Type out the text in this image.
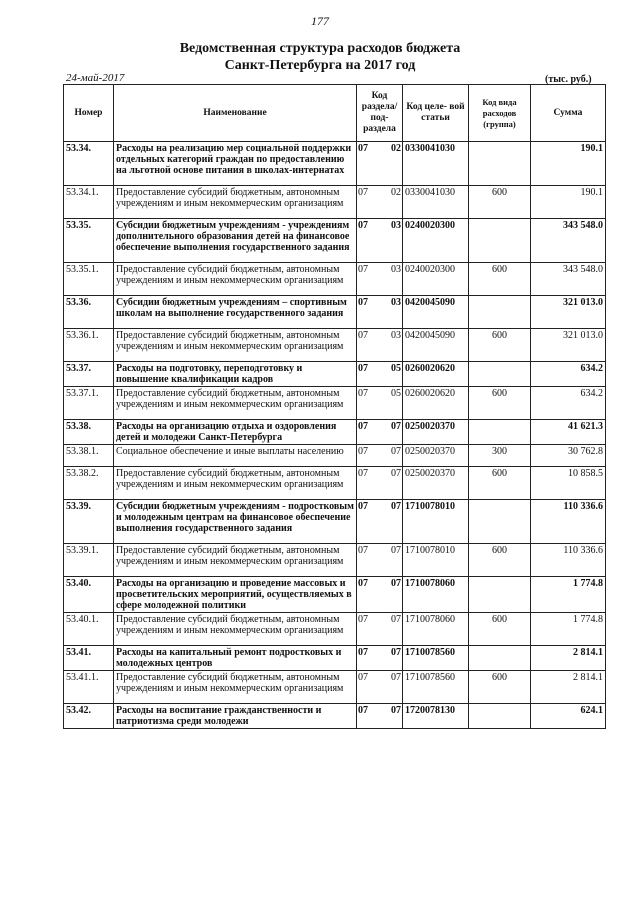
177
Ведомственная структура расходов бюджета
Санкт-Петербурга на 2017 год
24-май-2017	(тыс. руб.)
Номер	Наименование	Код раздела/ под- раздела	Код целе- вой статьи	Код вида расходов (группа)	Сумма
53.34.	Расходы на реализацию мер социальной поддержки отдельных категорий граждан по предоставлению на льготной основе питания в школах-интернатах	07 02	0330041030		190.1
53.34.1.	Предоставление субсидий бюджетным, автономным учреждениям и иным некоммерческим организациям	07 02	0330041030	600	190.1
53.35.	Субсидии бюджетным учреждениям - учреждениям дополнительного образования детей на финансовое обеспечение выполнения государственного задания	07 03	0240020300		343 548.0
53.35.1.	Предоставление субсидий бюджетным, автономным учреждениям и иным некоммерческим организациям	07 03	0240020300	600	343 548.0
53.36.	Субсидии бюджетным учреждениям – спортивным школам на выполнение государственного задания	07 03	0420045090		321 013.0
53.36.1.	Предоставление субсидий бюджетным, автономным учреждениям и иным некоммерческим организациям	07 03	0420045090	600	321 013.0
53.37.	Расходы на подготовку, переподготовку и повышение квалификации кадров	07 05	0260020620		634.2
53.37.1.	Предоставление субсидий бюджетным, автономным учреждениям и иным некоммерческим организациям	07 05	0260020620	600	634.2
53.38.	Расходы на организацию отдыха и оздоровления детей и молодежи Санкт-Петербурга	07 07	0250020370		41 621.3
53.38.1.	Социальное обеспечение и иные выплаты населению	07 07	0250020370	300	30 762.8
53.38.2.	Предоставление субсидий бюджетным, автономным учреждениям и иным некоммерческим организациям	07 07	0250020370	600	10 858.5
53.39.	Субсидии бюджетным учреждениям - подростковым и молодежным центрам на финансовое обеспечение выполнения государственного задания	07 07	1710078010		110 336.6
53.39.1.	Предоставление субсидий бюджетным, автономным учреждениям и иным некоммерческим организациям	07 07	1710078010	600	110 336.6
53.40.	Расходы на организацию и проведение массовых и просветительских мероприятий, осуществляемых в сфере молодежной политики	07 07	1710078060		1 774.8
53.40.1.	Предоставление субсидий бюджетным, автономным учреждениям и иным некоммерческим организациям	07 07	1710078060	600	1 774.8
53.41.	Расходы на капитальный ремонт подростковых и молодежных центров	07 07	1710078560		2 814.1
53.41.1.	Предоставление субсидий бюджетным, автономным учреждениям и иным некоммерческим организациям	07 07	1710078560	600	2 814.1
53.42.	Расходы на воспитание гражданственности и патриотизма среди молодежи	07 07	1720078130		624.1
